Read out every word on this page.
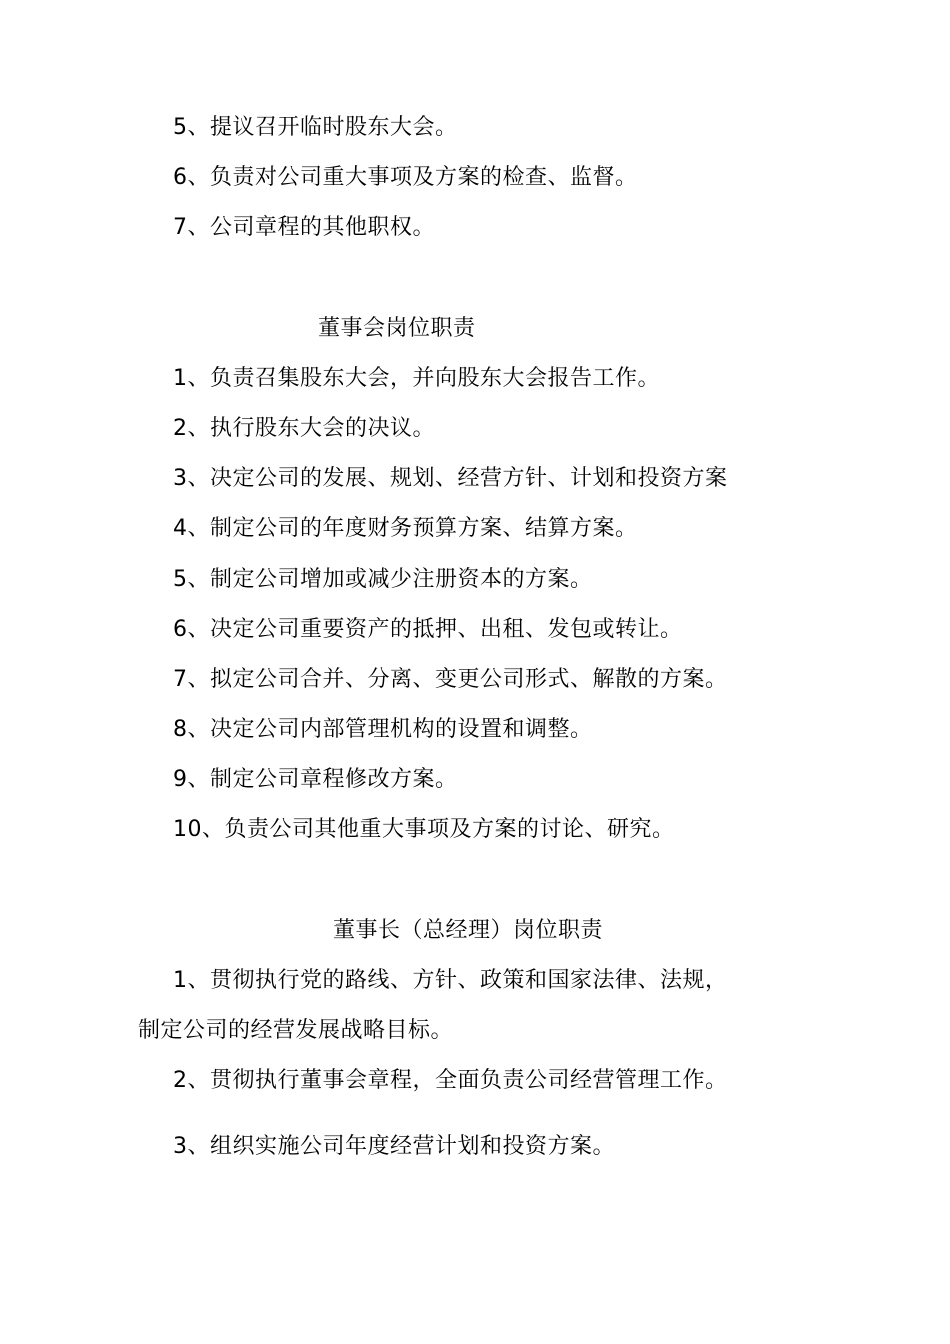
5、提议召开临时股东大会。
6、负责对公司重大事项及方案的检查、监督。
7、公司章程的其他职权。
董事会岗位职责
1、负责召集股东大会，并向股东大会报告工作。
2、执行股东大会的决议。
3、决定公司的发展、规划、经营方针、计划和投资方案
4、制定公司的年度财务预算方案、结算方案。
5、制定公司增加或减少注册资本的方案。
6、决定公司重要资产的抵押、出租、发包或转让。
7、拟定公司合并、分离、变更公司形式、解散的方案。
8、决定公司内部管理机构的设置和调整。
9、制定公司章程修改方案。
10、负责公司其他重大事项及方案的讨论、研究。
董事长（总经理）岗位职责
1、贯彻执行党的路线、方针、政策和国家法律、法规，
制定公司的经营发展战略目标。
2、贯彻执行董事会章程，全面负责公司经营管理工作。
3、组织实施公司年度经营计划和投资方案。
